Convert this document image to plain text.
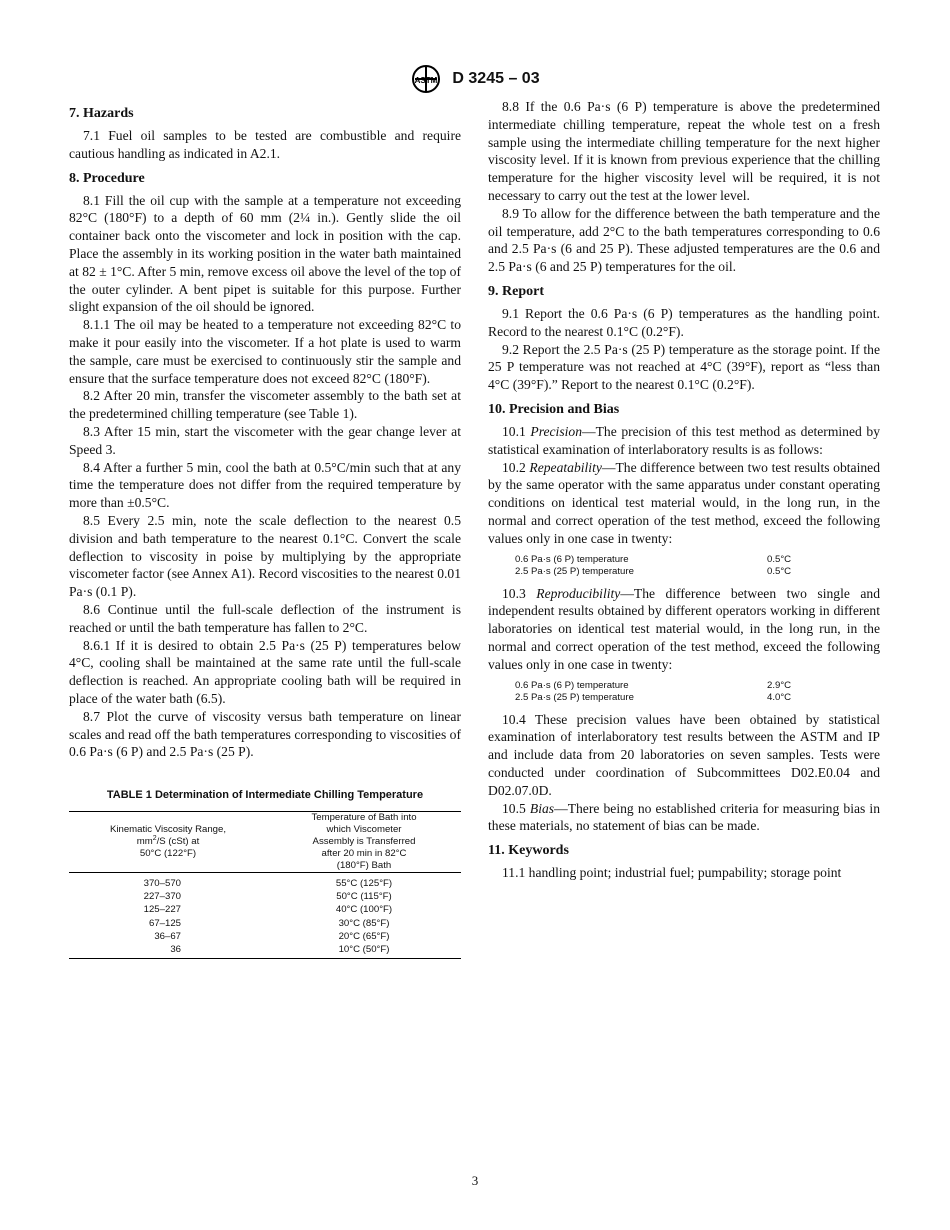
ASTM D 3245 – 03
7. Hazards

7.1 Fuel oil samples to be tested are combustible and require cautious handling as indicated in A2.1.

8. Procedure

8.1 Fill the oil cup with the sample at a temperature not exceeding 82°C (180°F) to a depth of 60 mm (2¼ in.). Gently slide the oil container back onto the viscometer and lock in position with the cap. Place the assembly in its working position in the water bath maintained at 82 ± 1°C. After 5 min, remove excess oil above the level of the top of the outer cylinder. A bent pipet is suitable for this purpose. Further slight expansion of the oil should be ignored.

8.1.1 The oil may be heated to a temperature not exceeding 82°C to make it pour easily into the viscometer. If a hot plate is used to warm the sample, care must be exercised to continuously stir the sample and ensure that the surface temperature does not exceed 82°C (180°F).

8.2 After 20 min, transfer the viscometer assembly to the bath set at the predetermined chilling temperature (see Table 1).

8.3 After 15 min, start the viscometer with the gear change lever at Speed 3.

8.4 After a further 5 min, cool the bath at 0.5°C/min such that at any time the temperature does not differ from the required temperature by more than ±0.5°C.

8.5 Every 2.5 min, note the scale deflection to the nearest 0.5 division and bath temperature to the nearest 0.1°C. Convert the scale deflection to viscosity in poise by multiplying by the appropriate viscometer factor (see Annex A1). Record viscosities to the nearest 0.01 Pa·s (0.1 P).

8.6 Continue until the full-scale deflection of the instrument is reached or until the bath temperature has fallen to 2°C.

8.6.1 If it is desired to obtain 2.5 Pa·s (25 P) temperatures below 4°C, cooling shall be maintained at the same rate until the full-scale deflection is reached. An appropriate cooling bath will be required in place of the water bath (6.5).

8.7 Plot the curve of viscosity versus bath temperature on linear scales and read off the bath temperatures corresponding to viscosities of 0.6 Pa·s (6 P) and 2.5 Pa·s (25 P).

TABLE 1 Determination of Intermediate Chilling Temperature
Kinematic Viscosity Range,
$mm^2/S$ (cSt) at
50°C (122°F)	Temperature of Bath into which Viscometer Assembly is Transferred after 20 min in 82°C (180°F) Bath
370–570	55°C (125°F)
227–370	50°C (115°F)
125–227	40°C (100°F)
67–125	30°C (85°F)
36–67	20°C (65°F)
36	10°C (50°F)

8.8 If the 0.6 Pa·s (6 P) temperature is above the predetermined intermediate chilling temperature, repeat the whole test on a fresh sample using the intermediate chilling temperature for the next higher viscosity level. If it is known from previous experience that the chilling temperature for the higher viscosity level will be required, it is not necessary to carry out the test at the lower level.

8.9 To allow for the difference between the bath temperature and the oil temperature, add 2°C to the bath temperatures corresponding to 0.6 and 2.5 Pa·s (6 and 25 P). These adjusted temperatures are the 0.6 and 2.5 Pa·s (6 and 25 P) temperatures for the oil.

9. Report

9.1 Report the 0.6 Pa·s (6 P) temperatures as the handling point. Record to the nearest 0.1°C (0.2°F).

9.2 Report the 2.5 Pa·s (25 P) temperature as the storage point. If the 25 P temperature was not reached at 4°C (39°F), report as “less than 4°C (39°F).” Report to the nearest 0.1°C (0.2°F).

10. Precision and Bias

10.1 Precision—The precision of this test method as determined by statistical examination of interlaboratory results is as follows:

10.2 Repeatability—The difference between two test results obtained by the same operator with the same apparatus under constant operating conditions on identical test material would, in the long run, in the normal and correct operation of the test method, exceed the following values only in one case in twenty:

0.6 Pa·s (6 P) temperature	0.5°C
2.5 Pa·s (25 P) temperature	0.5°C

10.3 Reproducibility—The difference between two single and independent results obtained by different operators working in different laboratories on identical test material would, in the long run, in the normal and correct operation of the test method, exceed the following values only in one case in twenty:

0.6 Pa·s (6 P) temperature	2.9°C
2.5 Pa·s (25 P) temperature	4.0°C

10.4 These precision values have been obtained by statistical examination of interlaboratory test results between the ASTM and IP and include data from 20 laboratories on seven samples. Tests were conducted under coordination of Subcommittees D02.E0.04 and D02.07.0D.

10.5 Bias—There being no established criteria for measuring bias in these materials, no statement of bias can be made.

11. Keywords

11.1 handling point; industrial fuel; pumpability; storage point

3
